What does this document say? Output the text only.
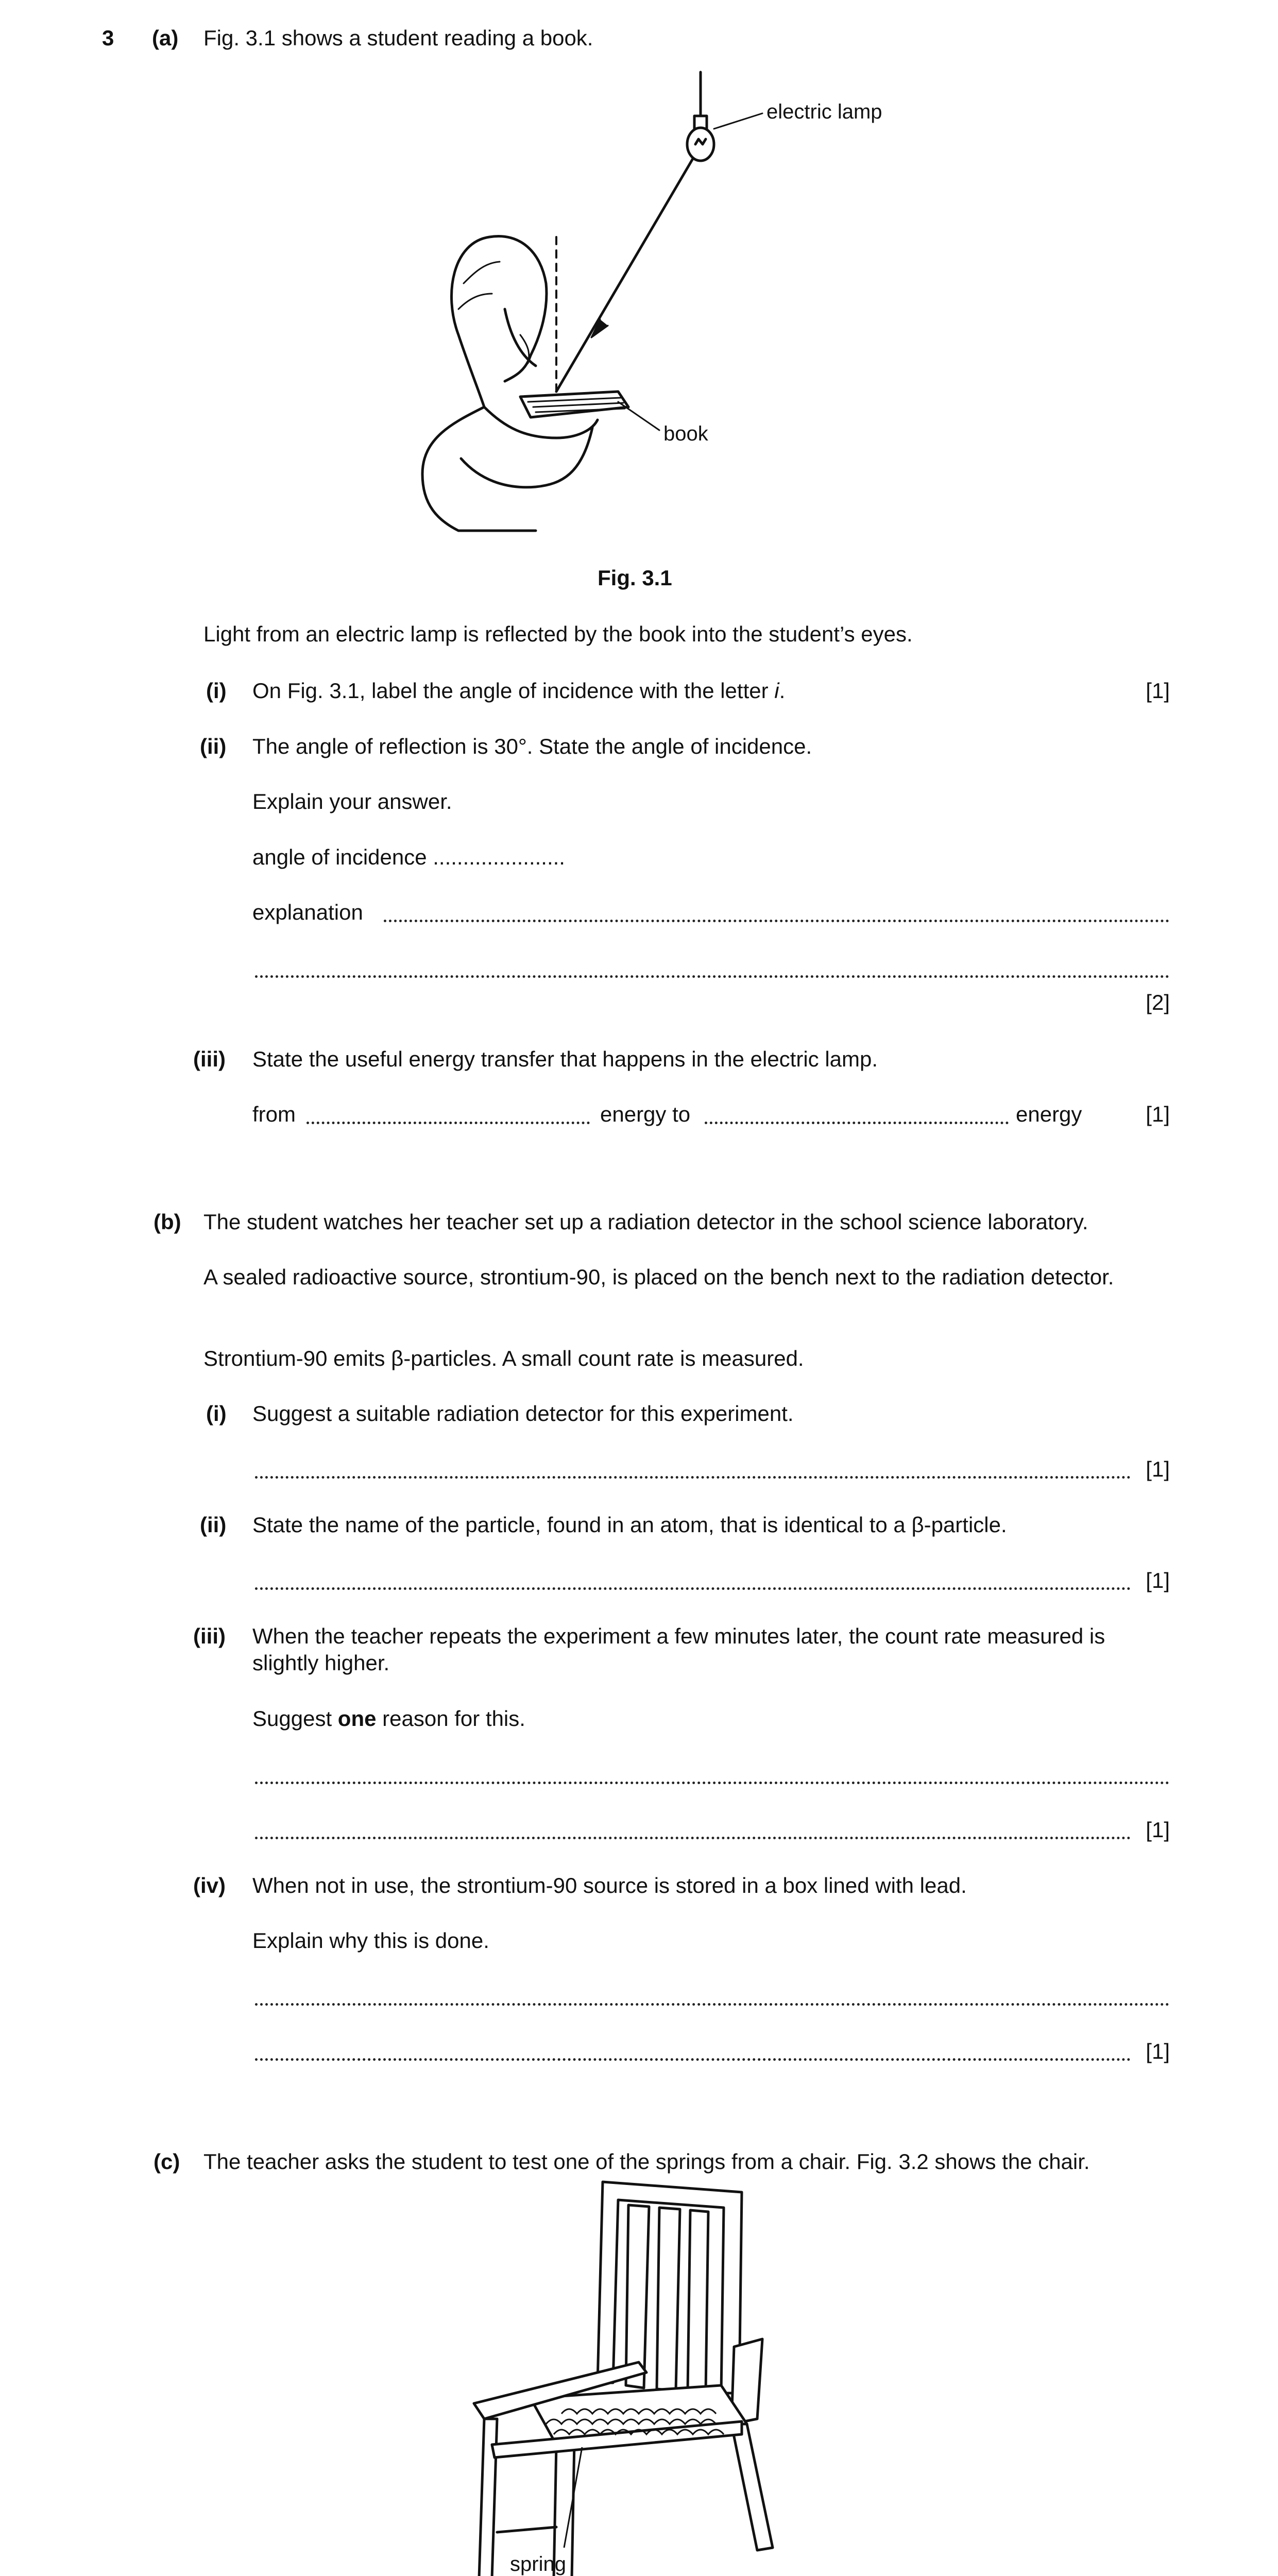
3 (a) Fig. 3.1 shows a student reading a book.
electric lamp
book
Fig. 3.1
Light from an electric lamp is reflected by the book into the student’s eyes.
(i) On Fig. 3.1, label the angle of incidence with the letter i.	[1]
(ii) The angle of reflection is 30°. State the angle of incidence.
Explain your answer.
angle of incidence ......................
explanation
[2]
(iii) State the useful energy transfer that happens in the electric lamp.
from	energy to	energy	[1]
(b) The student watches her teacher set up a radiation detector in the school science laboratory.
A sealed radioactive source, strontium-90, is placed on the bench next to the radiation detector.
Strontium-90 emits β-particles. A small count rate is measured.
(i) Suggest a suitable radiation detector for this experiment.
[1]
(ii) State the name of the particle, found in an atom, that is identical to a β-particle.
[1]
(iii) When the teacher repeats the experiment a few minutes later, the count rate measured is slightly higher.
Suggest one reason for this.
[1]
(iv) When not in use, the strontium-90 source is stored in a box lined with lead.
Explain why this is done.
[1]
(c) The teacher asks the student to test one of the springs from a chair. Fig. 3.2 shows the chair.
spring
